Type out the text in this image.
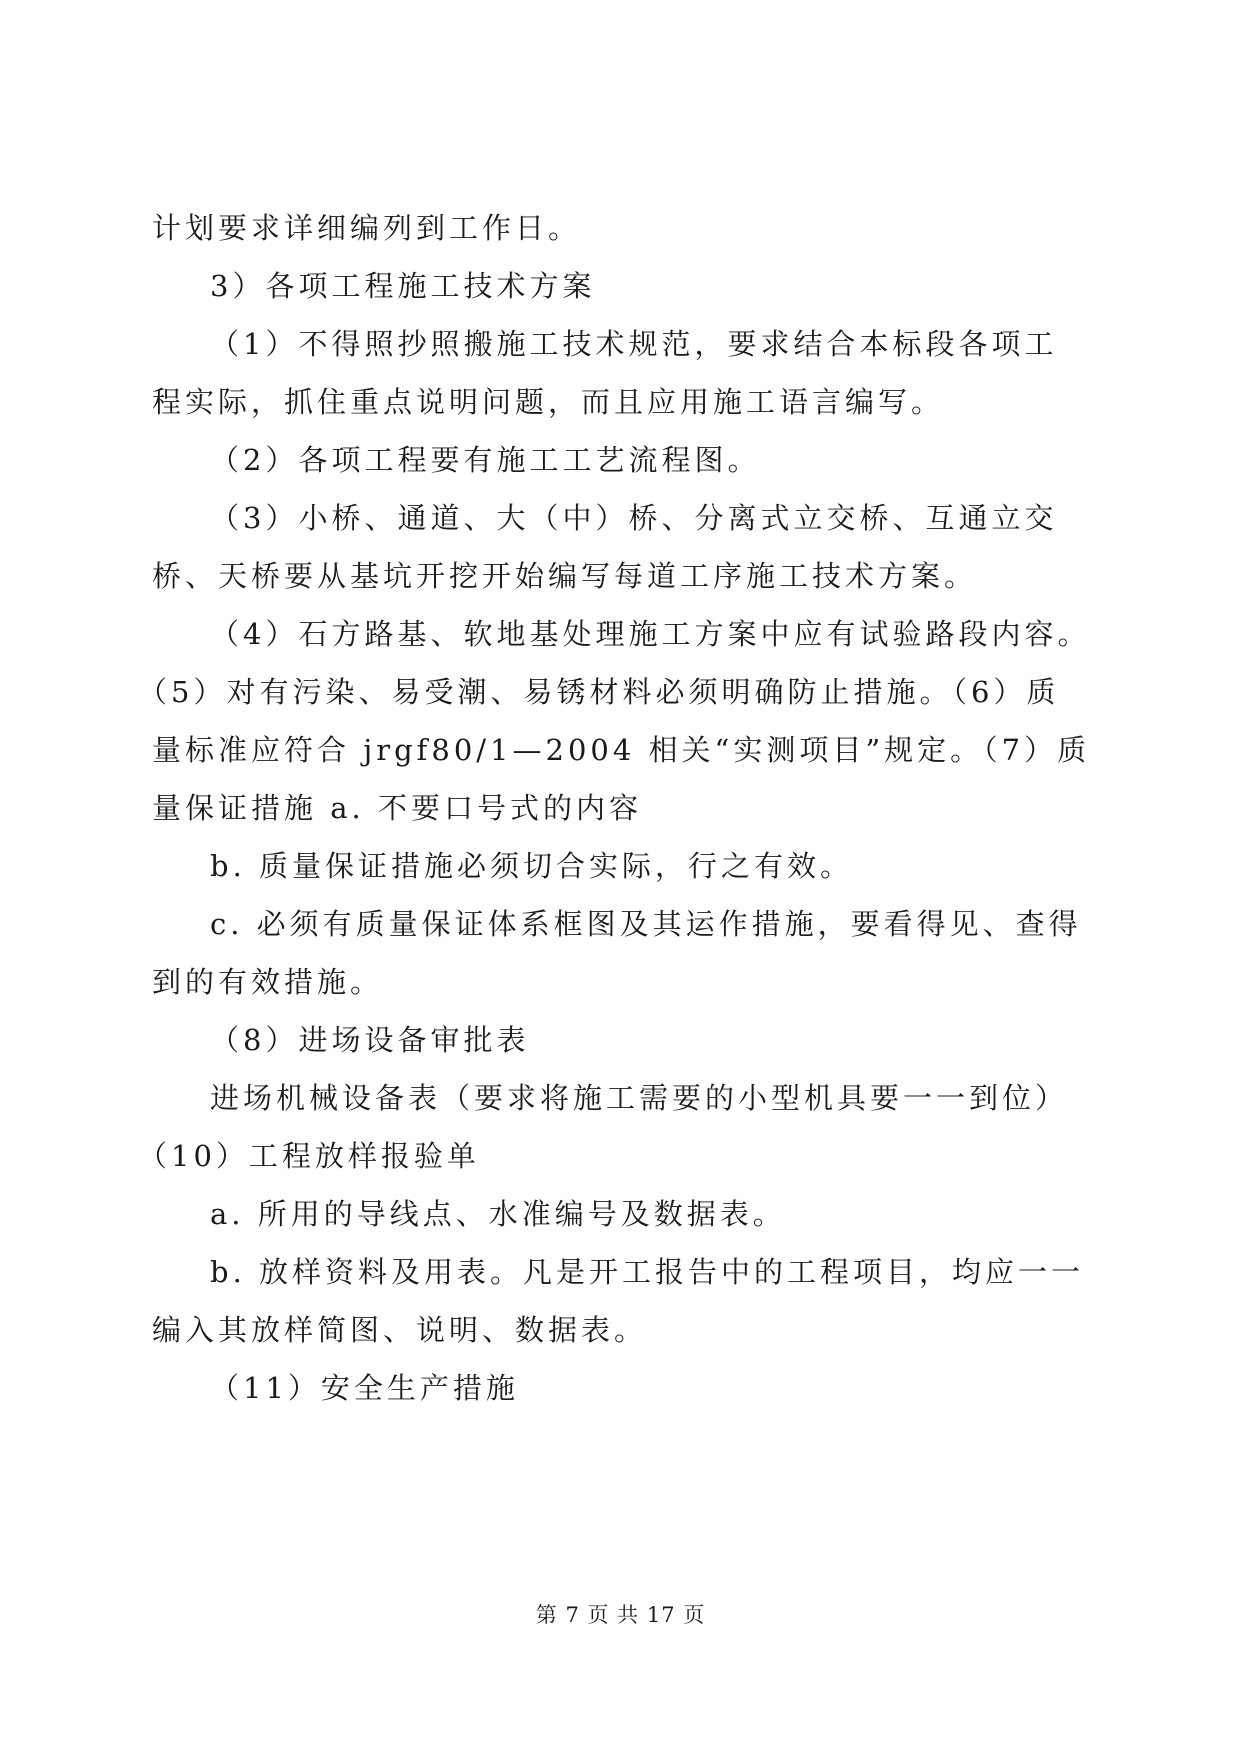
计划要求详细编列到工作日。
3）各项工程施工技术方案
（1）不得照抄照搬施工技术规范，要求结合本标段各项工
程实际，抓住重点说明问题，而且应用施工语言编写。
（2）各项工程要有施工工艺流程图。
（3）小桥、通道、大（中）桥、分离式立交桥、互通立交
桥、天桥要从基坑开挖开始编写每道工序施工技术方案。
（4）石方路基、软地基处理施工方案中应有试验路段内容。
（5）对有污染、易受潮、易锈材料必须明确防止措施。（6）质
量标准应符合 jrgf80/1—2004 相关“实测项目”规定。（7）质
量保证措施 a. 不要口号式的内容
b. 质量保证措施必须切合实际，行之有效。
c. 必须有质量保证体系框图及其运作措施，要看得见、查得
到的有效措施。
（8）进场设备审批表
进场机械设备表（要求将施工需要的小型机具要一一到位）
（10）工程放样报验单
a. 所用的导线点、水准编号及数据表。
b. 放样资料及用表。凡是开工报告中的工程项目，均应一一
编入其放样简图、说明、数据表。
（11）安全生产措施
第 7 页 共 17 页
